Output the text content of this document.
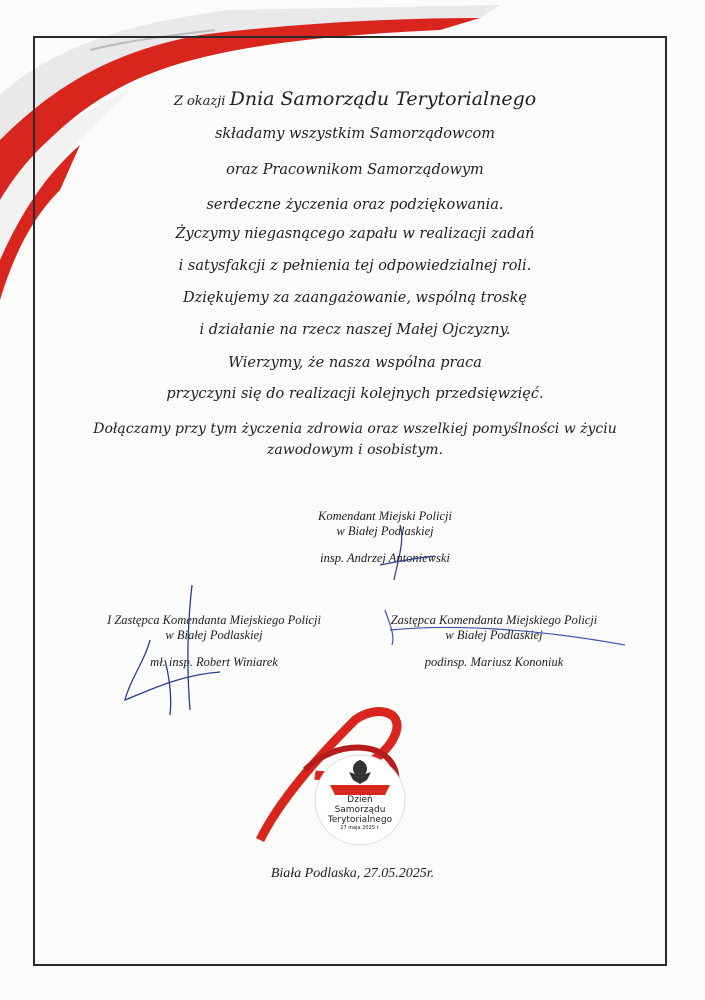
Z okazji Dnia Samorządu Terytorialnego
składamy wszystkim Samorządowcom
oraz Pracownikom Samorządowym
serdeczne życzenia oraz podziękowania.
Życzymy niegasnącego zapału w realizacji zadań
i satysfakcji z pełnienia tej odpowiedzialnej roli.
Dziękujemy za zaangażowanie, wspólną troskę
i działanie na rzecz naszej Małej Ojczyzny.
Wierzymy, że nasza wspólna praca
przyczyni się do realizacji kolejnych przedsięwzięć.
Dołączamy przy tym życzenia zdrowia oraz wszelkiej pomyślności w życiu
zawodowym i osobistym.
Komendant Miejski Policji
w Białej Podlaskiej
insp. Andrzej Antoniewski
I Zastępca Komendanta Miejskiego Policji
w Białej Podlaskiej
mł. insp. Robert Winiarek
Zastępca Komendanta Miejskiego Policji
w Białej Podlaskiej
podinsp. Mariusz Kononiuk
Dzień
Samorządu
Terytorialnego
27 maja 2025 r.
Biała Podlaska, 27.05.2025r.
